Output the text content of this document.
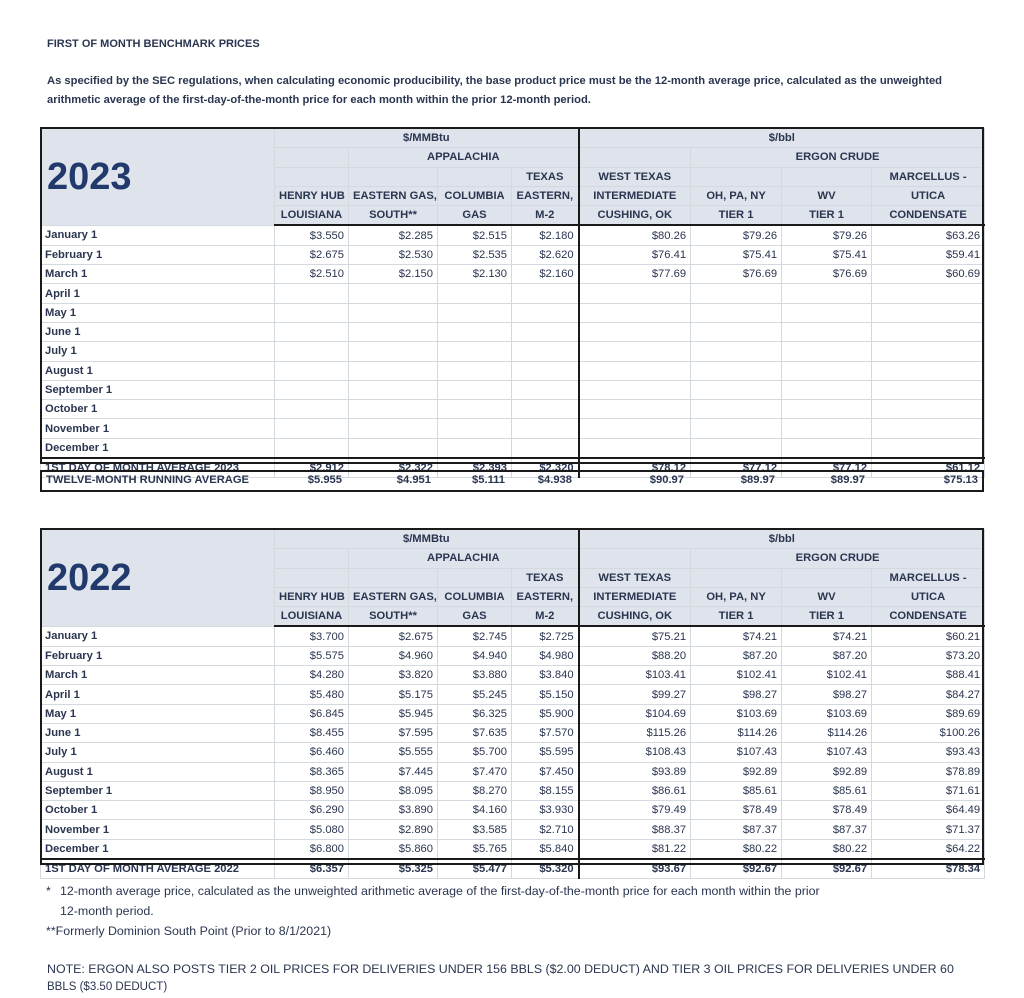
FIRST OF MONTH BENCHMARK PRICES
As specified by the SEC regulations, when calculating economic producibility, the base product price must be the 12-month average price, calculated as the unweighted arithmetic average of the first-day-of-the-month price for each month within the prior 12-month period.
2023	$/MMBtu				$/bbl			
		APPALACHIA				ERGON CRUDE		
				TEXAS	WEST TEXAS			MARCELLUS -
	HENRY HUB	EASTERN GAS,	COLUMBIA	EASTERN,	INTERMEDIATE	OH, PA, NY	WV	UTICA
	LOUISIANA	SOUTH**	GAS	M-2	CUSHING, OK	TIER 1	TIER 1	CONDENSATE
January 1	$3.550	$2.285	$2.515	$2.180	$80.26	$79.26	$79.26	$63.26
February 1	$2.675	$2.530	$2.535	$2.620	$76.41	$75.41	$75.41	$59.41
March 1	$2.510	$2.150	$2.130	$2.160	$77.69	$76.69	$76.69	$60.69
April 1								
May 1								
June 1								
July 1								
August 1								
September 1								
October 1								
November 1								
December 1								
1ST DAY OF MONTH AVERAGE 2023	$2.912	$2.322	$2.393	$2.320	$78.12	$77.12	$77.12	$61.12
TWELVE-MONTH RUNNING AVERAGE	$5.955	$4.951	$5.111	$4.938	$90.97	$89.97	$89.97	$75.13
2022	$/MMBtu				$/bbl			
		APPALACHIA				ERGON CRUDE		
				TEXAS	WEST TEXAS			MARCELLUS -
	HENRY HUB	EASTERN GAS,	COLUMBIA	EASTERN,	INTERMEDIATE	OH, PA, NY	WV	UTICA
	LOUISIANA	SOUTH**	GAS	M-2	CUSHING, OK	TIER 1	TIER 1	CONDENSATE
January 1	$3.700	$2.675	$2.745	$2.725	$75.21	$74.21	$74.21	$60.21
February 1	$5.575	$4.960	$4.940	$4.980	$88.20	$87.20	$87.20	$73.20
March 1	$4.280	$3.820	$3.880	$3.840	$103.41	$102.41	$102.41	$88.41
April 1	$5.480	$5.175	$5.245	$5.150	$99.27	$98.27	$98.27	$84.27
May 1	$6.845	$5.945	$6.325	$5.900	$104.69	$103.69	$103.69	$89.69
June 1	$8.455	$7.595	$7.635	$7.570	$115.26	$114.26	$114.26	$100.26
July 1	$6.460	$5.555	$5.700	$5.595	$108.43	$107.43	$107.43	$93.43
August 1	$8.365	$7.445	$7.470	$7.450	$93.89	$92.89	$92.89	$78.89
September 1	$8.950	$8.095	$8.270	$8.155	$86.61	$85.61	$85.61	$71.61
October 1	$6.290	$3.890	$4.160	$3.930	$79.49	$78.49	$78.49	$64.49
November 1	$5.080	$2.890	$3.585	$2.710	$88.37	$87.37	$87.37	$71.37
December 1	$6.800	$5.860	$5.765	$5.840	$81.22	$80.22	$80.22	$64.22
1ST DAY OF MONTH AVERAGE 2022	$6.357	$5.325	$5.477	$5.320	$93.67	$92.67	$92.67	$78.34
* 12-month average price, calculated as the unweighted arithmetic average of the first-day-of-the-month price for each month within the prior
12-month period.
**Formerly Dominion South Point (Prior to 8/1/2021)
NOTE: ERGON ALSO POSTS TIER 2 OIL PRICES FOR DELIVERIES UNDER 156 BBLS ($2.00 DEDUCT) AND TIER 3 OIL PRICES FOR DELIVERIES UNDER 60
BBLS ($3.50 DEDUCT)
